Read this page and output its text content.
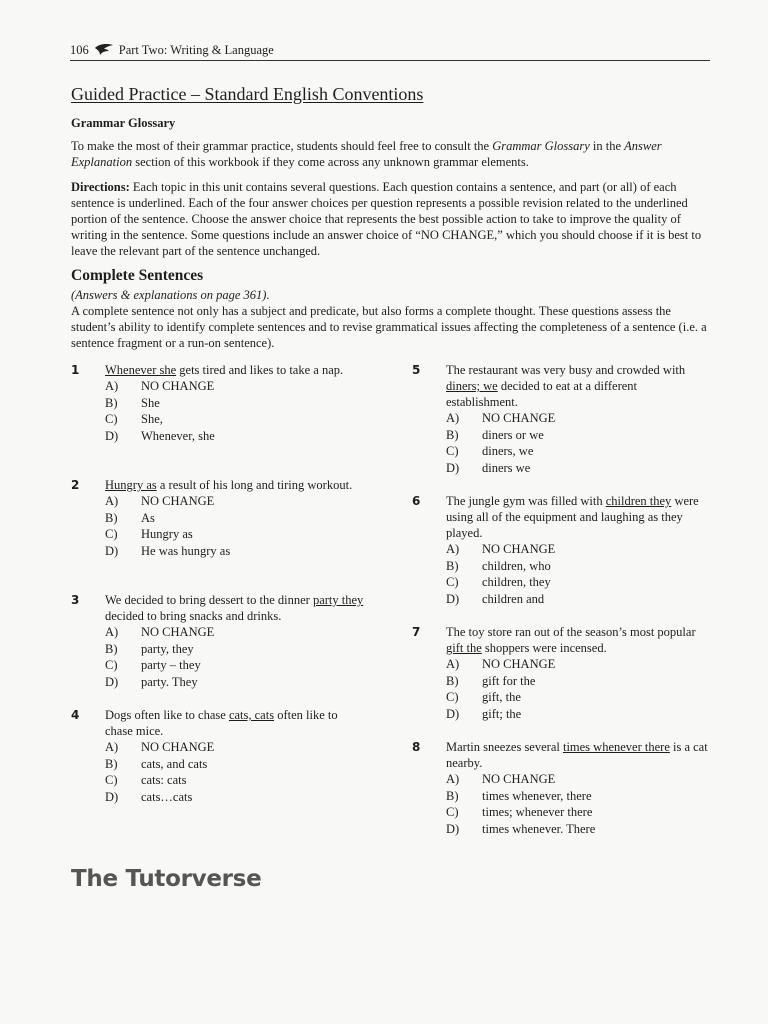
106 Part Two: Writing & Language
Guided Practice – Standard English Conventions
Grammar Glossary

To make the most of their grammar practice, students should feel free to consult the Grammar Glossary in the Answer Explanation section of this workbook if they come across any unknown grammar elements.

Directions: Each topic in this unit contains several questions. Each question contains a sentence, and part (or all) of each sentence is underlined. Each of the four answer choices per question represents a possible revision related to the underlined portion of the sentence. Choose the answer choice that represents the best possible action to take to improve the quality of writing in the sentence. Some questions include an answer choice of “NO CHANGE,” which you should choose if it is best to leave the relevant part of the sentence unchanged.

Complete Sentences

(Answers & explanations on page 361).

A complete sentence not only has a subject and predicate, but also forms a complete thought. These questions assess the student’s ability to identify complete sentences and to revise grammatical issues affecting the completeness of a sentence (i.e. a sentence fragment or a run-on sentence).

1	Whenever she gets tired and likes to take a nap.
A)	NO CHANGE
B)	She
C)	She,
D)	Whenever, she
2	Hungry as a result of his long and tiring workout.
A)	NO CHANGE
B)	As
C)	Hungry as
D)	He was hungry as
3	We decided to bring dessert to the dinner party they decided to bring snacks and drinks.
A)	NO CHANGE
B)	party, they
C)	party – they
D)	party. They
4	Dogs often like to chase cats, cats often like to chase mice.
A)	NO CHANGE
B)	cats, and cats
C)	cats: cats
D)	cats…cats
5	The restaurant was very busy and crowded with diners; we decided to eat at a different establishment.
A)	NO CHANGE
B)	diners or we
C)	diners, we
D)	diners we
6	The jungle gym was filled with children they were using all of the equipment and laughing as they played.
A)	NO CHANGE
B)	children, who
C)	children, they
D)	children and
7	The toy store ran out of the season’s most popular gift the shoppers were incensed.
A)	NO CHANGE
B)	gift for the
C)	gift, the
D)	gift; the
8	Martin sneezes several times whenever there is a cat nearby.
A)	NO CHANGE
B)	times whenever, there
C)	times; whenever there
D)	times whenever. There
The Tutorverse
